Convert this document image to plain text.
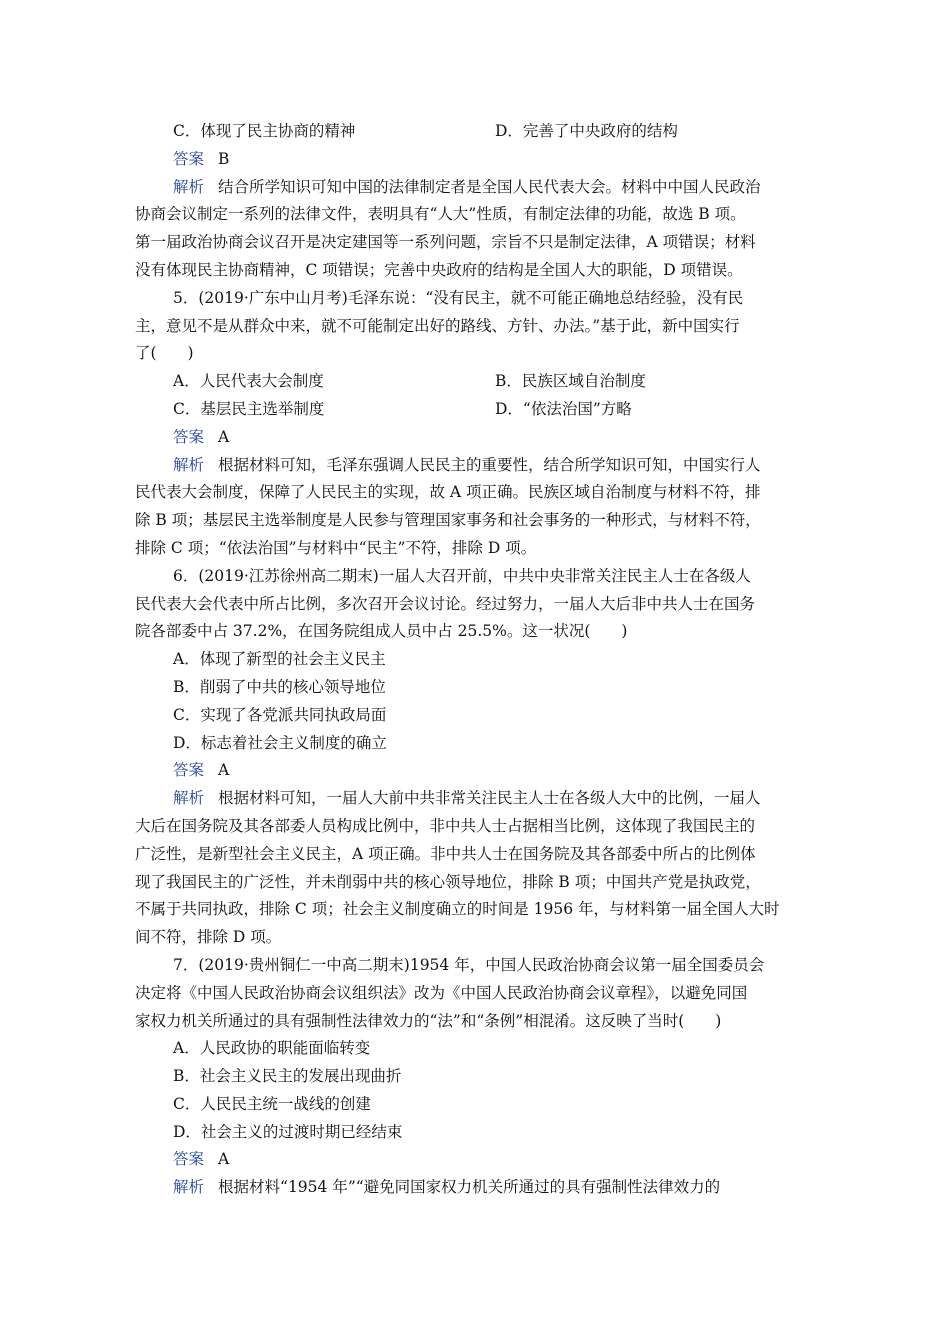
C．体现了民主协商的精神	D．完善了中央政府的结构
答案 B
解析 结合所学知识可知中国的法律制定者是全国人民代表大会。材料中中国人民政治
协商会议制定一系列的法律文件，表明具有“人大”性质，有制定法律的功能，故选 B 项。
第一届政治协商会议召开是决定建国等一系列问题，宗旨不只是制定法律，A 项错误；材料
没有体现民主协商精神，C 项错误；完善中央政府的结构是全国人大的职能，D 项错误。
5．(2019·广东中山月考)毛泽东说：“没有民主，就不可能正确地总结经验，没有民
主，意见不是从群众中来，就不可能制定出好的路线、方针、办法。”基于此，新中国实行
了(　　)
A．人民代表大会制度	B．民族区域自治制度
C．基层民主选举制度	D．“依法治国”方略
答案 A
解析 根据材料可知，毛泽东强调人民民主的重要性，结合所学知识可知，中国实行人
民代表大会制度，保障了人民民主的实现，故 A 项正确。民族区域自治制度与材料不符，排
除 B 项；基层民主选举制度是人民参与管理国家事务和社会事务的一种形式，与材料不符，
排除 C 项；“依法治国”与材料中“民主”不符，排除 D 项。
6．(2019·江苏徐州高二期末)一届人大召开前，中共中央非常关注民主人士在各级人
民代表大会代表中所占比例，多次召开会议讨论。经过努力，一届人大后非中共人士在国务
院各部委中占 37.2%，在国务院组成人员中占 25.5%。这一状况(　　)
A．体现了新型的社会主义民主
B．削弱了中共的核心领导地位
C．实现了各党派共同执政局面
D．标志着社会主义制度的确立
答案 A
解析 根据材料可知，一届人大前中共非常关注民主人士在各级人大中的比例，一届人
大后在国务院及其各部委人员构成比例中，非中共人士占据相当比例，这体现了我国民主的
广泛性，是新型社会主义民主，A 项正确。非中共人士在国务院及其各部委中所占的比例体
现了我国民主的广泛性，并未削弱中共的核心领导地位，排除 B 项；中国共产党是执政党，
不属于共同执政，排除 C 项；社会主义制度确立的时间是 1956 年，与材料第一届全国人大时
间不符，排除 D 项。
7．(2019·贵州铜仁一中高二期末)1954 年，中国人民政治协商会议第一届全国委员会
决定将《中国人民政治协商会议组织法》改为《中国人民政治协商会议章程》，以避免同国
家权力机关所通过的具有强制性法律效力的“法”和“条例”相混淆。这反映了当时(　　)
A．人民政协的职能面临转变
B．社会主义民主的发展出现曲折
C．人民民主统一战线的创建
D．社会主义的过渡时期已经结束
答案 A
解析 根据材料“1954 年”“避免同国家权力机关所通过的具有强制性法律效力的
